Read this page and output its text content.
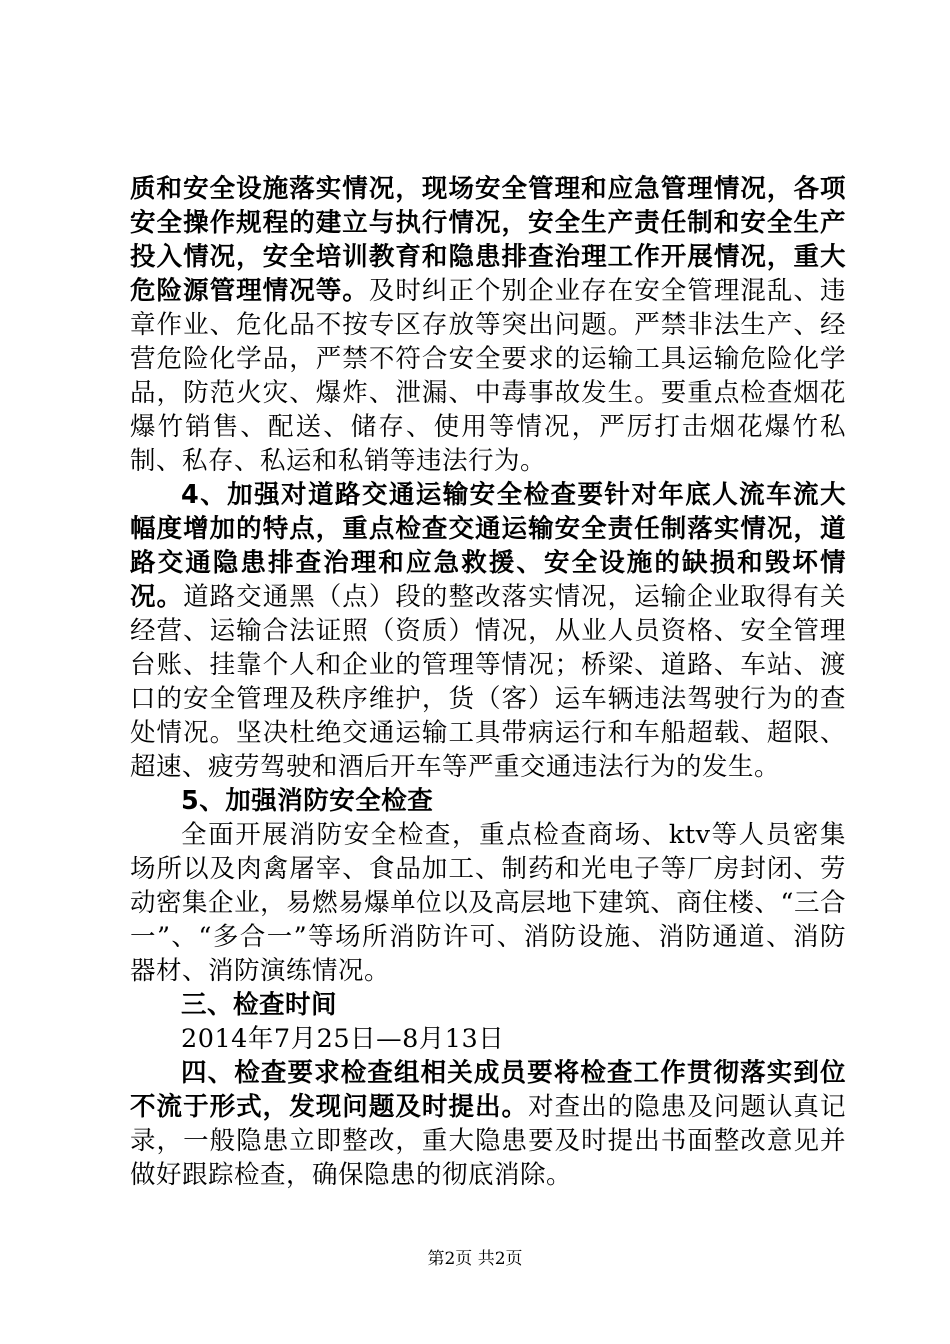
质和安全设施落实情况，现场安全管理和应急管理情况，各项安全操作规程的建立与执行情况，安全生产责任制和安全生产投入情况，安全培训教育和隐患排查治理工作开展情况，重大危险源管理情况等。及时纠正个别企业存在安全管理混乱、违章作业、危化品不按专区存放等突出问题。严禁非法生产、经营危险化学品，严禁不符合安全要求的运输工具运输危险化学品，防范火灾、爆炸、泄漏、中毒事故发生。要重点检查烟花爆竹销售、配送、储存、使用等情况，严厉打击烟花爆竹私制、私存、私运和私销等违法行为。

4、加强对道路交通运输安全检查要针对年底人流车流大幅度增加的特点，重点检查交通运输安全责任制落实情况，道路交通隐患排查治理和应急救援、安全设施的缺损和毁坏情况。道路交通黑（点）段的整改落实情况，运输企业取得有关经营、运输合法证照（资质）情况，从业人员资格、安全管理台账、挂靠个人和企业的管理等情况；桥梁、道路、车站、渡口的安全管理及秩序维护，货（客）运车辆违法驾驶行为的查处情况。坚决杜绝交通运输工具带病运行和车船超载、超限、超速、疲劳驾驶和酒后开车等严重交通违法行为的发生。

5、加强消防安全检查

全面开展消防安全检查，重点检查商场、ktv等人员密集场所以及肉禽屠宰、食品加工、制药和光电子等厂房封闭、劳动密集企业，易燃易爆单位以及高层地下建筑、商住楼、“三合一”、“多合一”等场所消防许可、消防设施、消防通道、消防器材、消防演练情况。

三、检查时间

2014年7月25日—8月13日

四、检查要求检查组相关成员要将检查工作贯彻落实到位不流于形式，发现问题及时提出。对查出的隐患及问题认真记录，一般隐患立即整改，重大隐患要及时提出书面整改意见并做好跟踪检查，确保隐患的彻底消除。

第2页 共2页
